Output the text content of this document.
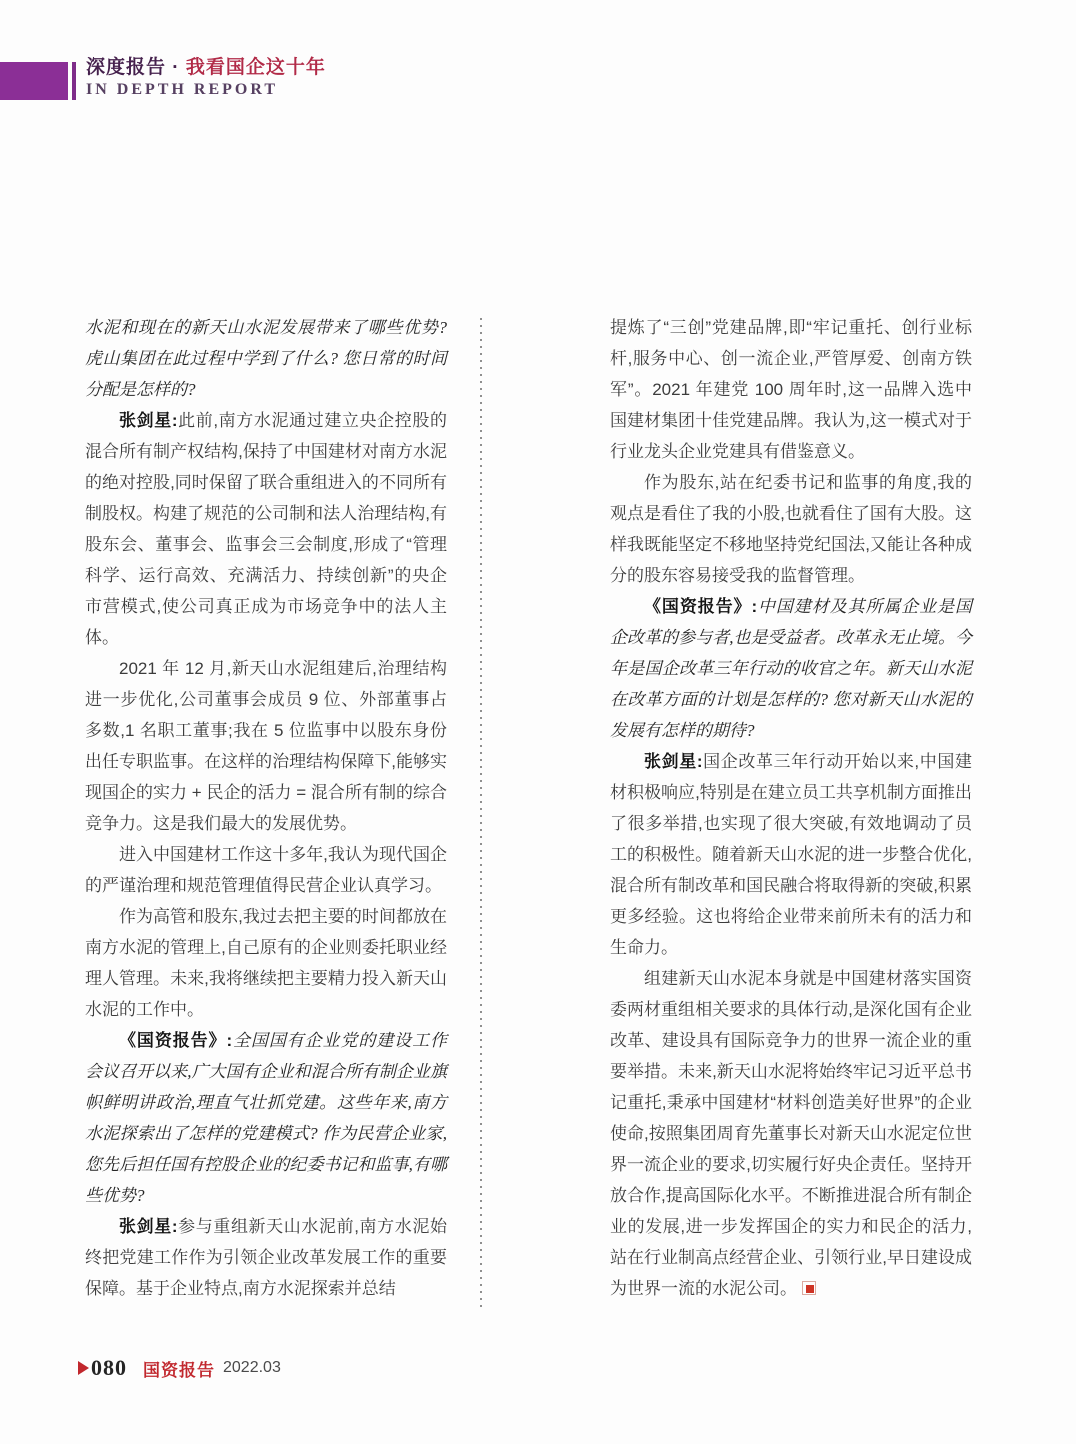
深度报告 · 我看国企这十年
IN DEPTH REPORT

水泥和现在的新天山水泥发展带来了哪些优势? 虎山集团在此过程中学到了什么? 您日常的时间分配是怎样的?

张剑星:此前,南方水泥通过建立央企控股的混合所有制产权结构,保持了中国建材对南方水泥的绝对控股,同时保留了联合重组进入的不同所有制股权。构建了规范的公司制和法人治理结构,有股东会、董事会、监事会三会制度,形成了“管理科学、运行高效、充满活力、持续创新”的央企市营模式,使公司真正成为市场竞争中的法人主体。

2021 年 12 月,新天山水泥组建后,治理结构进一步优化,公司董事会成员 9 位、外部董事占多数,1 名职工董事;我在 5 位监事中以股东身份出任专职监事。在这样的治理结构保障下,能够实现国企的实力 + 民企的活力 = 混合所有制的综合竞争力。这是我们最大的发展优势。

进入中国建材工作这十多年,我认为现代国企的严谨治理和规范管理值得民营企业认真学习。

作为高管和股东,我过去把主要的时间都放在南方水泥的管理上,自己原有的企业则委托职业经理人管理。未来,我将继续把主要精力投入新天山水泥的工作中。

《国资报告》:全国国有企业党的建设工作会议召开以来,广大国有企业和混合所有制企业旗帜鲜明讲政治,理直气壮抓党建。这些年来,南方水泥探索出了怎样的党建模式? 作为民营企业家,您先后担任国有控股企业的纪委书记和监事,有哪些优势?

张剑星:参与重组新天山水泥前,南方水泥始终把党建工作作为引领企业改革发展工作的重要保障。基于企业特点,南方水泥探索并总结

提炼了“三创”党建品牌,即“牢记重托、创行业标杆,服务中心、创一流企业,严管厚爱、创南方铁军”。2021 年建党 100 周年时,这一品牌入选中国建材集团十佳党建品牌。我认为,这一模式对于行业龙头企业党建具有借鉴意义。

作为股东,站在纪委书记和监事的角度,我的观点是看住了我的小股,也就看住了国有大股。这样我既能坚定不移地坚持党纪国法,又能让各种成分的股东容易接受我的监督管理。

《国资报告》:中国建材及其所属企业是国企改革的参与者,也是受益者。改革永无止境。今年是国企改革三年行动的收官之年。新天山水泥在改革方面的计划是怎样的? 您对新天山水泥的发展有怎样的期待?

张剑星:国企改革三年行动开始以来,中国建材积极响应,特别是在建立员工共享机制方面推出了很多举措,也实现了很大突破,有效地调动了员工的积极性。随着新天山水泥的进一步整合优化,混合所有制改革和国民融合将取得新的突破,积累更多经验。这也将给企业带来前所未有的活力和生命力。

组建新天山水泥本身就是中国建材落实国资委两材重组相关要求的具体行动,是深化国有企业改革、建设具有国际竞争力的世界一流企业的重要举措。未来,新天山水泥将始终牢记习近平总书记重托,秉承中国建材“材料创造美好世界”的企业使命,按照集团周育先董事长对新天山水泥定位世界一流企业的要求,切实履行好央企责任。坚持开放合作,提高国际化水平。不断推进混合所有制企业的发展,进一步发挥国企的实力和民企的活力,站在行业制高点经营企业、引领行业,早日建设成为世界一流的水泥公司。

080 国资报告 2022.03
